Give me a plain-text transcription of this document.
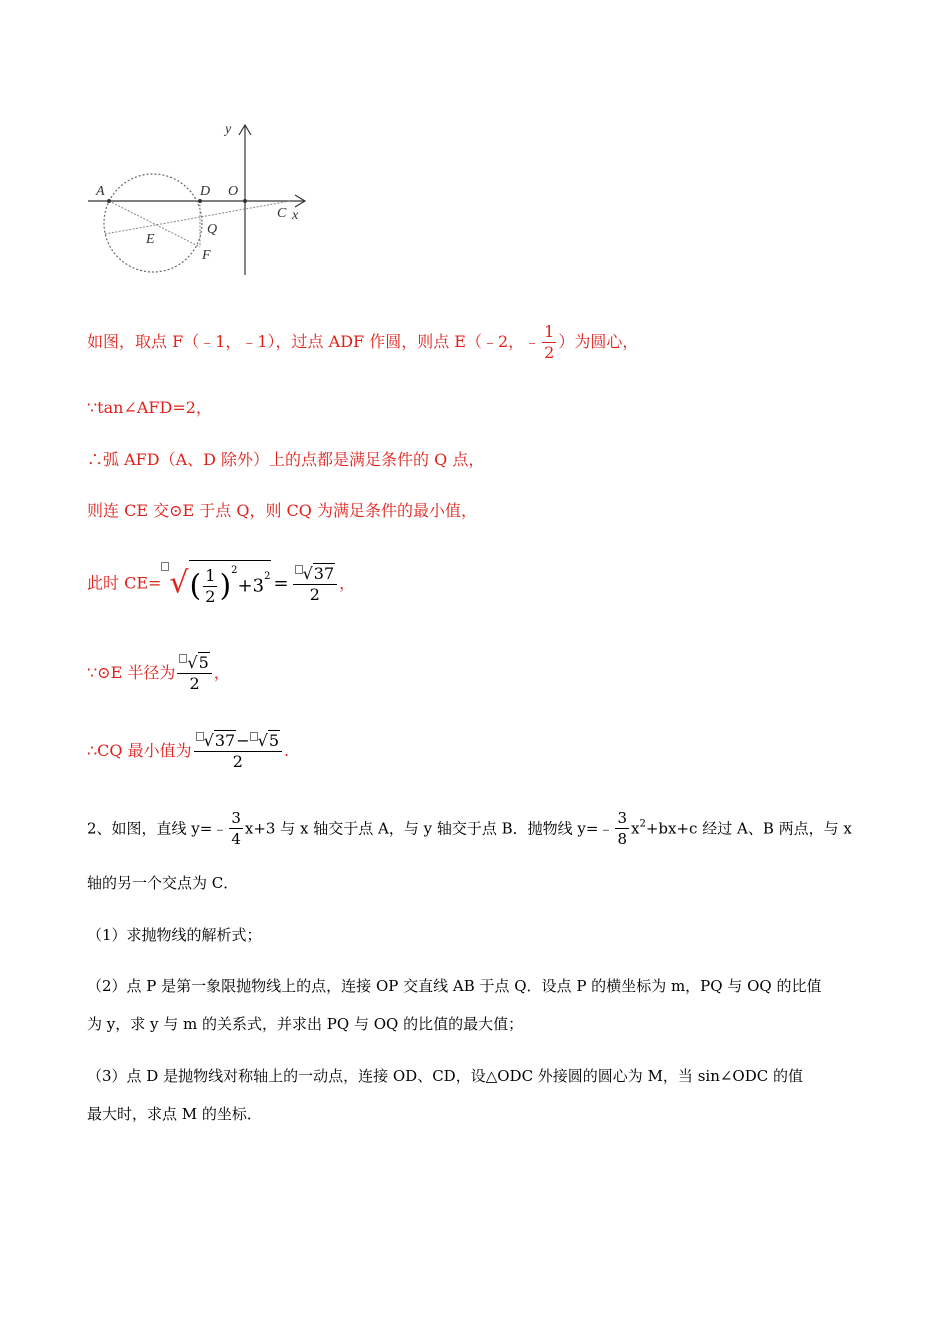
A	D O
C x
y
E
Q
F
如图，取点 F（﹣1，﹣1），过点 ADF 作圆，则点 E（﹣2，﹣ $\frac{1}{2}$ ）为圆心，
∵tan∠AFD=2，
∴弧 AFD（A、D 除外）上的点都是满足条件的 Q 点，
则连 CE 交⊙E 于点 Q，则 CQ 为满足条件的最小值，
此时 CE= √( $\frac{1}{2} )^2+3^2 = \frac{√37}{2}$ ，
∵⊙E 半径为 $\frac{√5}{2}$ ，
∴CQ 最小值为 $\frac{√37- √5}{2}$ .
2、如图，直线 y=﹣ $\frac{3}{4} x+3$ 与 x 轴交于点 A，与 y 轴交于点 B．抛物线 y=﹣ $\frac{3}{8} x^2+bx+c$ 经过 A、B 两点，与 x
轴的另一个交点为 C．
（1）求抛物线的解析式；
（2）点 P 是第一象限抛物线上的点，连接 OP 交直线 AB 于点 Q．设点 P 的横坐标为 m，PQ 与 OQ 的比值
为 y，求 y 与 m 的关系式，并求出 PQ 与 OQ 的比值的最大值；
（3）点 D 是抛物线对称轴上的一动点，连接 OD、CD，设△ODC 外接圆的圆心为 M，当 sin∠ODC 的值
最大时，求点 M 的坐标．
